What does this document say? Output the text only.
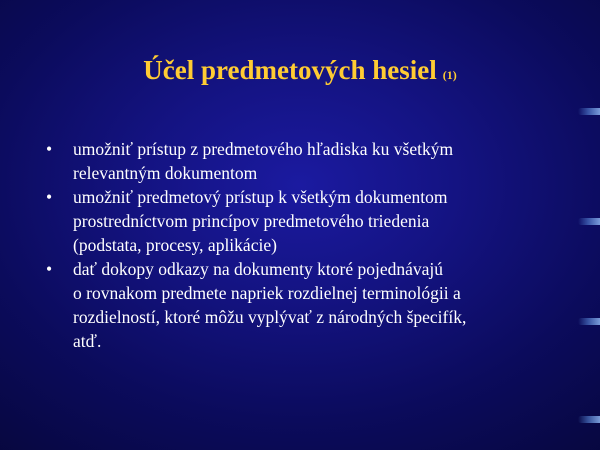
Účel predmetových hesiel (1)
•	umožniť prístup z predmetového hľadiska ku všetkým
relevantným dokumentom
•	umožniť predmetový prístup k všetkým dokumentom
prostredníctvom princípov predmetového triedenia
(podstata, procesy, aplikácie)
•	dať dokopy odkazy na dokumenty ktoré pojednávajú
o rovnakom predmete napriek rozdielnej terminológii a
rozdielností, ktoré môžu vyplývať z národných špecifík,
atď.
